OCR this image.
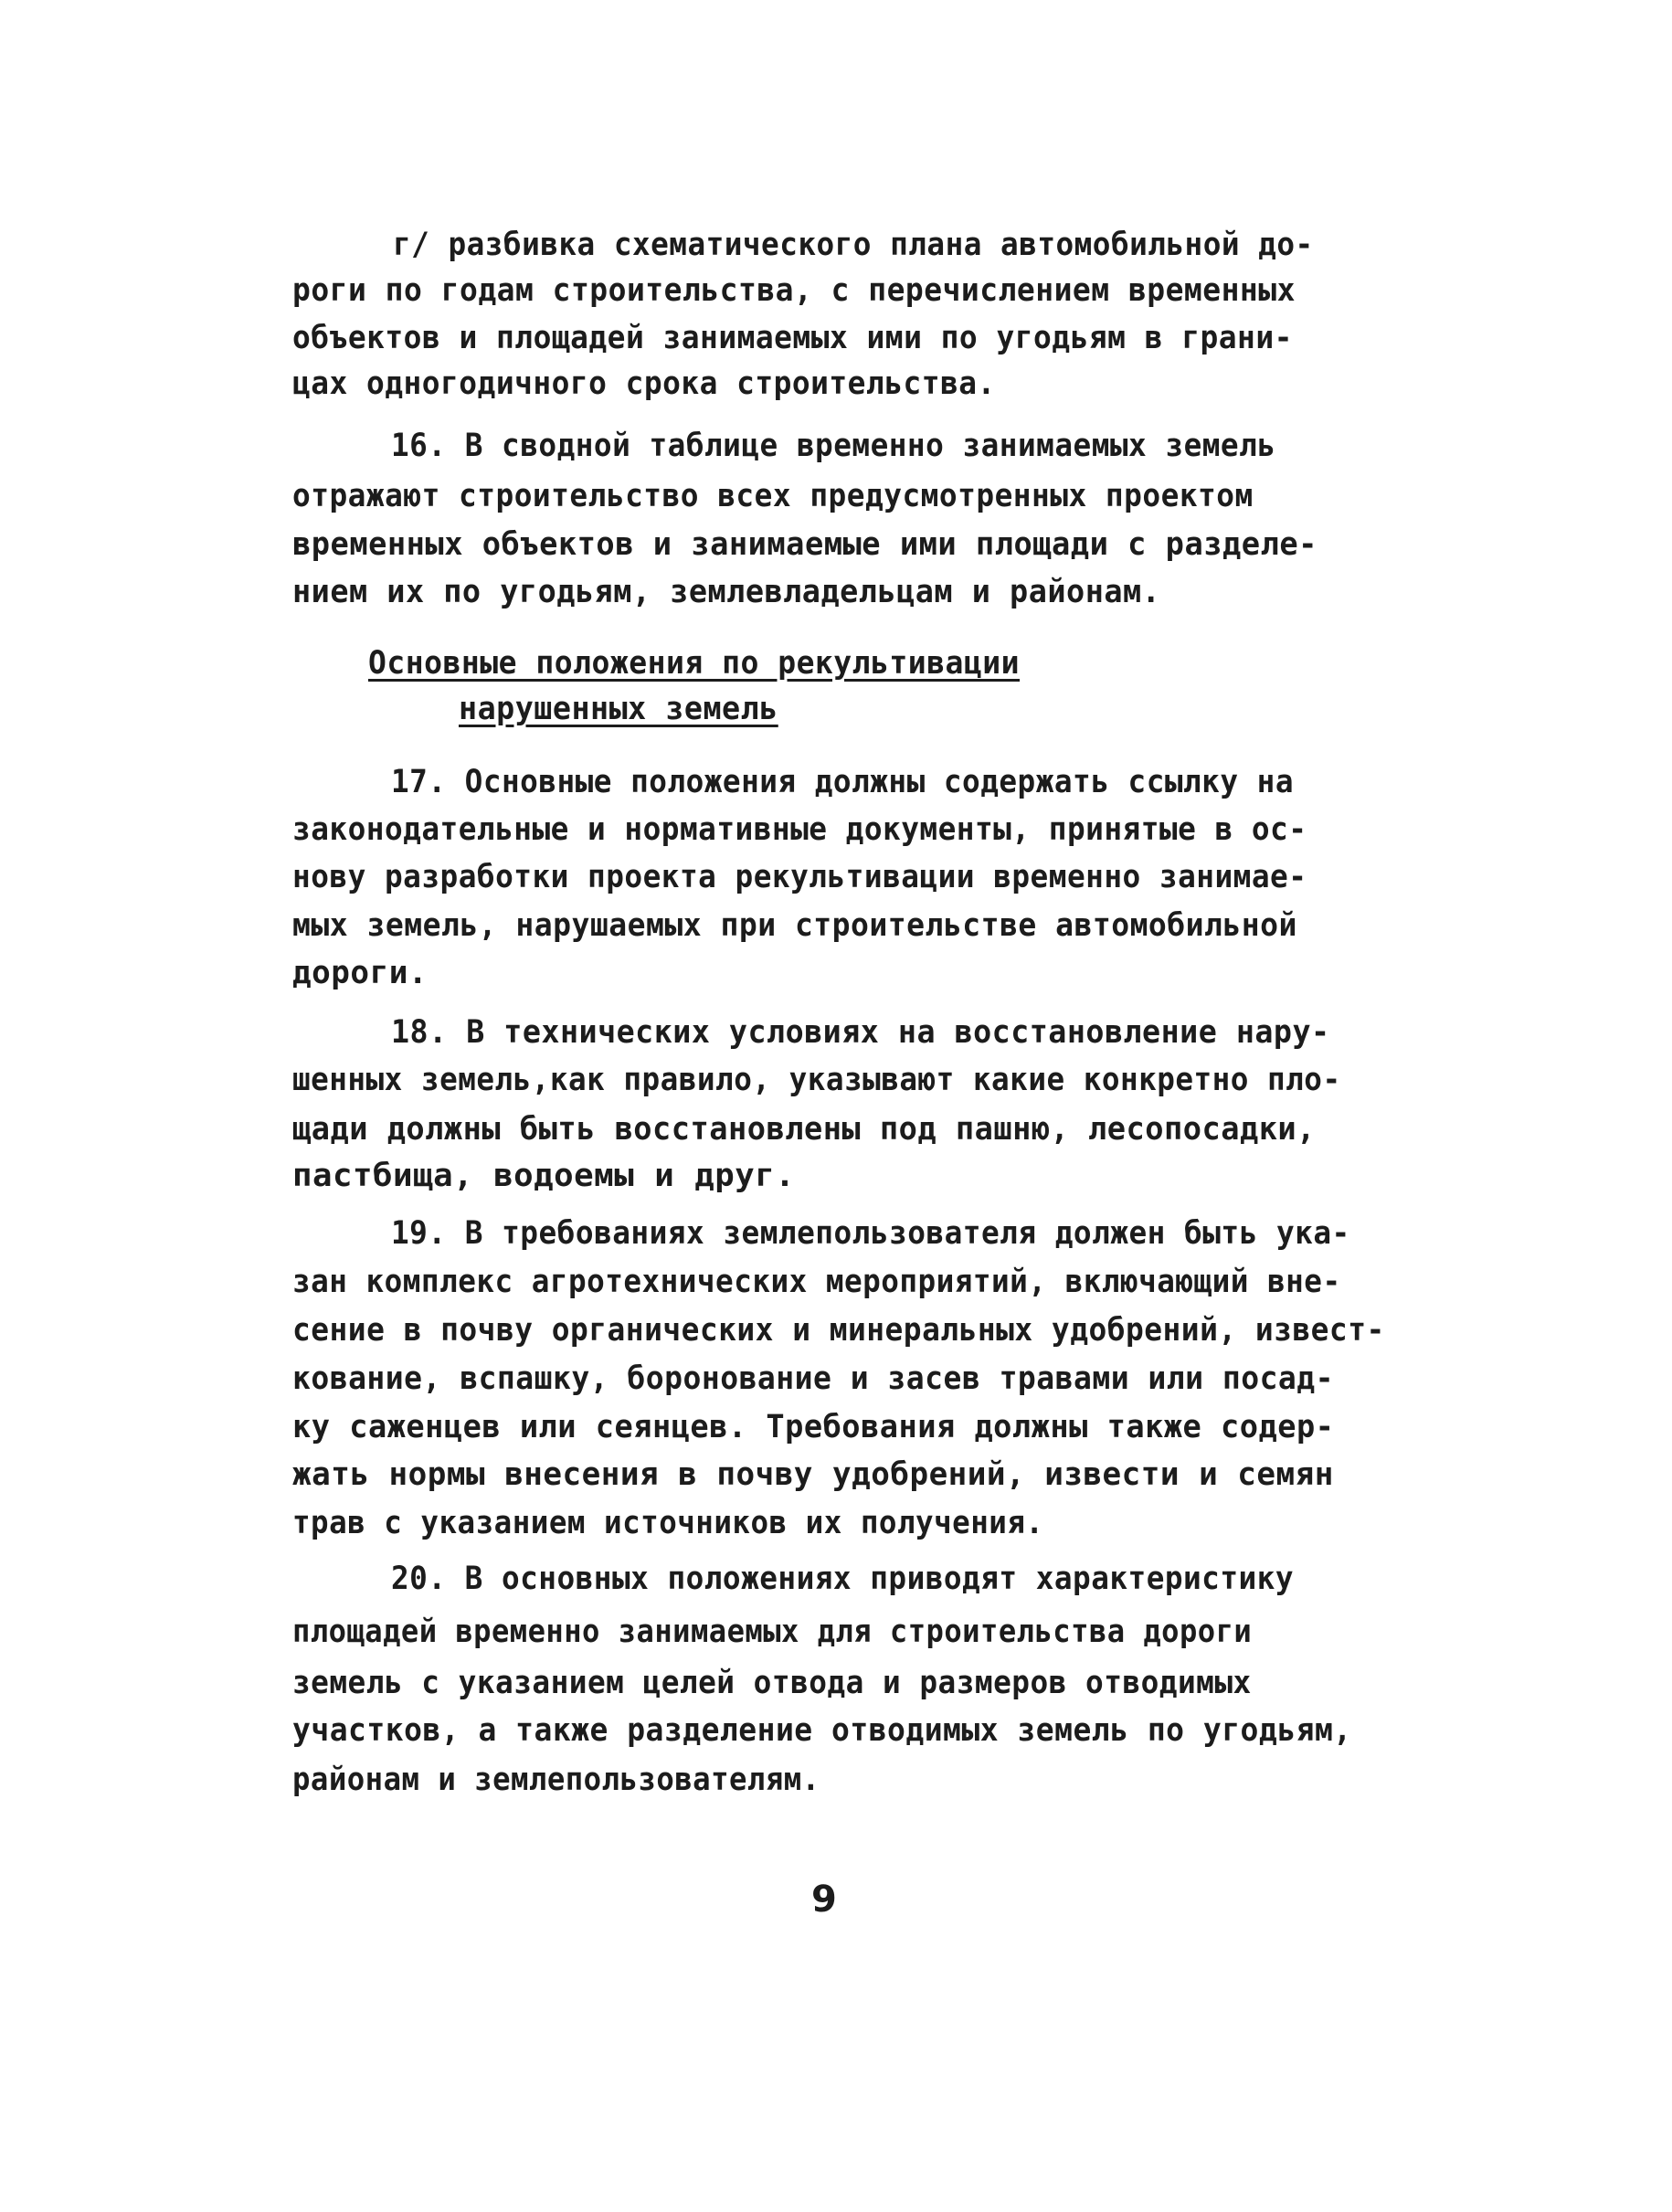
г/ разбивка схематического плана автомобильной до-
роги по годам строительства, с перечислением временных
объектов и площадей занимаемых ими по угодьям в грани-
цах одногодичного срока строительства.
16. В сводной таблице временно занимаемых земель
отражают строительство всех предусмотренных проектом
временных объектов и занимаемые ими площади с разделе-
нием их по угодьям, землевладельцам и районам.
Основные положения по рекультивации
нарушенных земель
17. Основные положения должны содержать ссылку на
законодательные и нормативные документы, принятые в ос-
нову разработки проекта рекультивации временно занимае-
мых земель, нарушаемых при строительстве автомобильной
дороги.
18. В технических условиях на восстановление нару-
шенных земель,как правило, указывают какие конкретно пло-
щади должны быть восстановлены под пашню, лесопосадки,
пастбища, водоемы и друг.
19. В требованиях землепользователя должен быть ука-
зан комплекс агротехнических мероприятий, включающий вне-
сение в почву органических и минеральных удобрений, извест-
кование, вспашку, боронование и засев травами или посад-
ку саженцев или сеянцев. Требования должны также содер-
жать нормы внесения в почву удобрений, извести и семян
трав с указанием источников их получения.
20. В основных положениях приводят характеристику
площадей временно занимаемых для строительства дороги
земель с указанием целей отвода и размеров отводимых
участков, а также разделение отводимых земель по угодьям,
районам и землепользователям.
9
